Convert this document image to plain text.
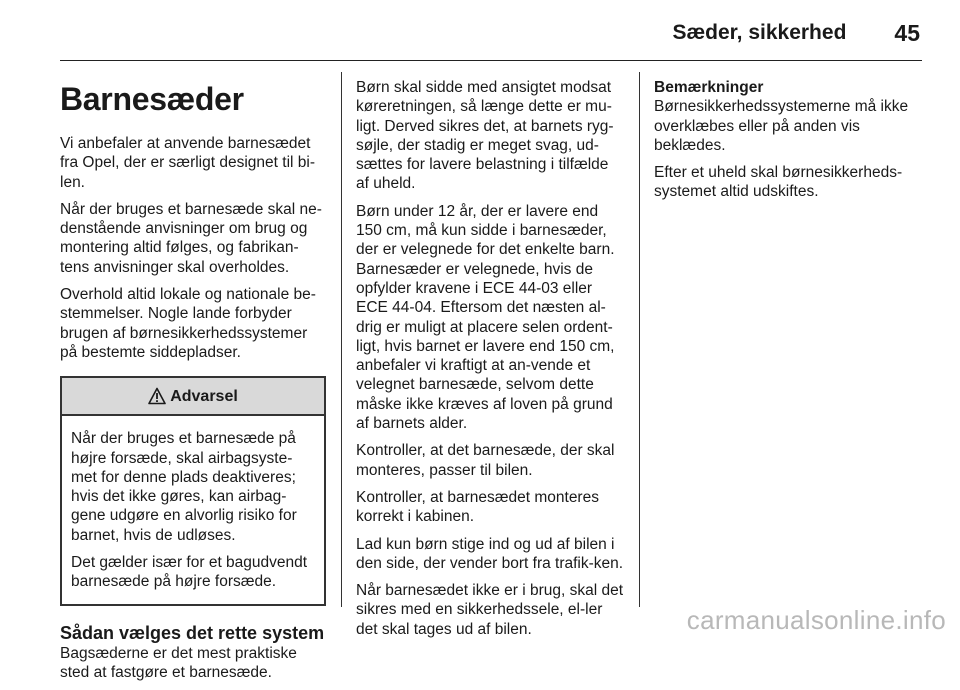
Sæder, sikkerhed 45
Barnesæder

Vi anbefaler at anvende barnesædet fra Opel, der er særligt designet til bi-len.

Når der bruges et barnesæde skal ne-denstående anvisninger om brug og montering altid følges, og fabrikan-tens anvisninger skal overholdes.

Overhold altid lokale og nationale be-stemmelser. Nogle lande forbyder brugen af børnesikkerhedssystemer på bestemte siddepladser.

Advarsel

Når der bruges et barnesæde på højre forsæde, skal airbagsyste-met for denne plads deaktiveres; hvis det ikke gøres, kan airbag-gene udgøre en alvorlig risiko for barnet, hvis de udløses.

Det gælder især for et bagudvendt barnesæde på højre forsæde.

Sådan vælges det rette system

Bagsæderne er det mest praktiske sted at fastgøre et barnesæde.

Børn skal sidde med ansigtet modsat køreretningen, så længe dette er mu-ligt. Derved sikres det, at barnets ryg-søjle, der stadig er meget svag, ud-sættes for lavere belastning i tilfælde af uheld.

Børn under 12 år, der er lavere end 150 cm, må kun sidde i barnesæder, der er velegnede for det enkelte barn. Barnesæder er velegnede, hvis de opfylder kravene i ECE 44-03 eller ECE 44-04. Eftersom det næsten al-drig er muligt at placere selen ordent-ligt, hvis barnet er lavere end 150 cm, anbefaler vi kraftigt at an-vende et velegnet barnesæde, selvom dette måske ikke kræves af loven på grund af barnets alder.

Kontroller, at det barnesæde, der skal monteres, passer til bilen.

Kontroller, at barnesædet monteres korrekt i kabinen.

Lad kun børn stige ind og ud af bilen i den side, der vender bort fra trafik-ken.

Når barnesædet ikke er i brug, skal det sikres med en sikkerhedssele, el-ler det skal tages ud af bilen.

Bemærkninger

Børnesikkerhedssystemerne må ikke overklæbes eller på anden vis beklædes.

Efter et uheld skal børnesikkerheds-systemet altid udskiftes.

carmanualsonline.info
